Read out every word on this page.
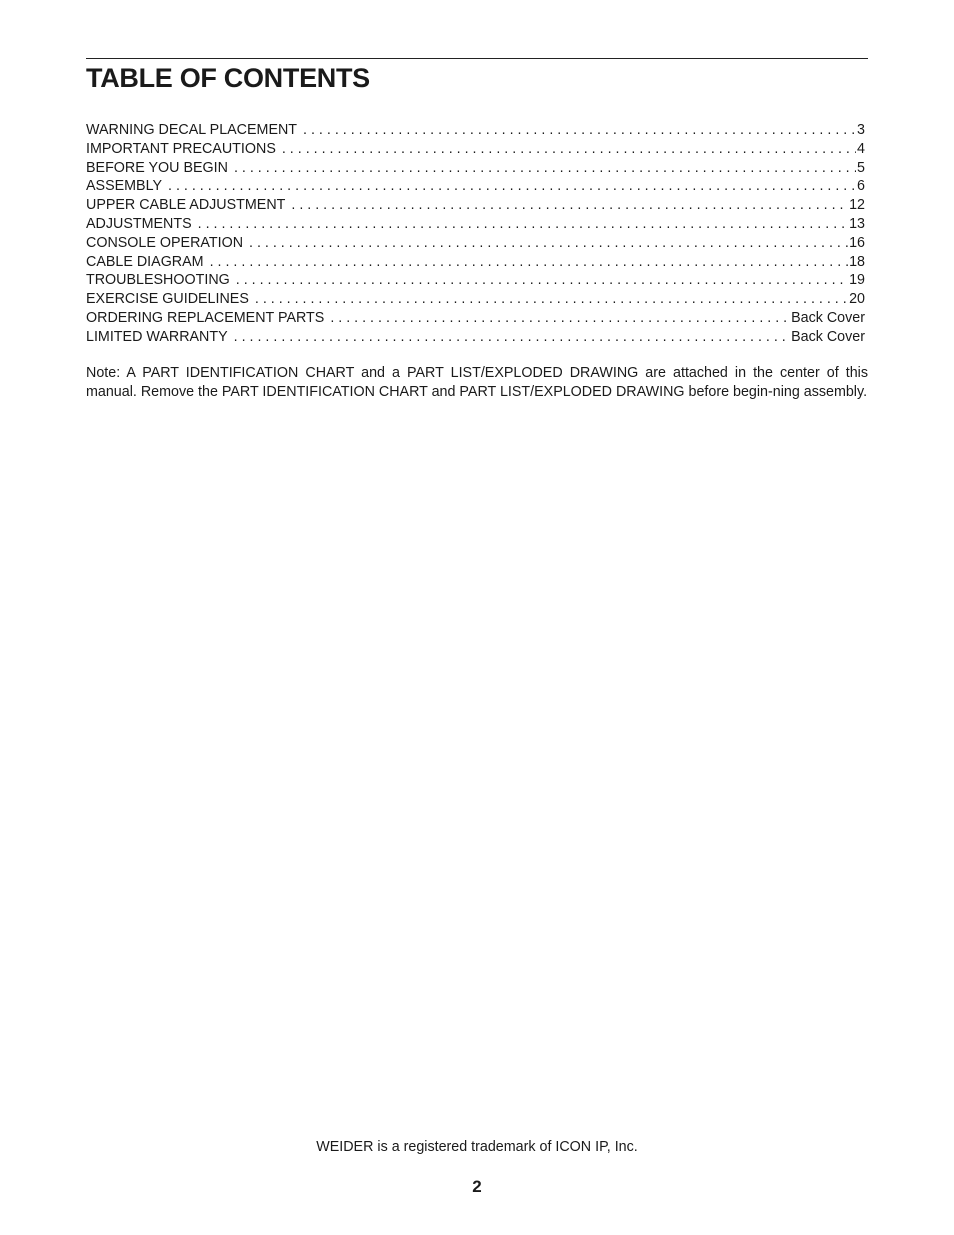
TABLE OF CONTENTS
WARNING DECAL PLACEMENT . . .	3
IMPORTANT PRECAUTIONS . . .	4
BEFORE YOU BEGIN . . .	5
ASSEMBLY . . .	6
UPPER CABLE ADJUSTMENT . . .	12
ADJUSTMENTS . . .	13
CONSOLE OPERATION . . .	16
CABLE DIAGRAM . . .	18
TROUBLESHOOTING . . .	19
EXERCISE GUIDELINES . . .	20
ORDERING REPLACEMENT PARTS . . .	Back Cover
LIMITED WARRANTY . . .	Back Cover

Note: A PART IDENTIFICATION CHART and a PART LIST/EXPLODED DRAWING are attached in the center of this manual. Remove the PART IDENTIFICATION CHART and PART LIST/EXPLODED DRAWING before begin-ning assembly.

WEIDER is a registered trademark of ICON IP, Inc.

2
